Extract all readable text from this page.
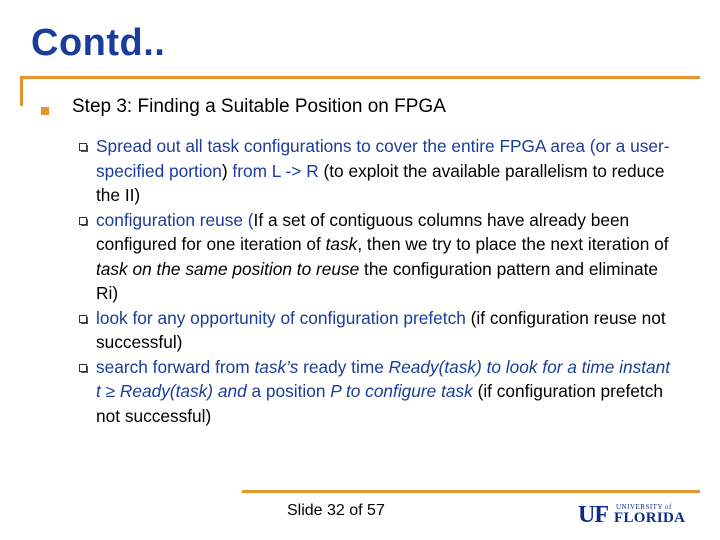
Contd..
Step 3: Finding a Suitable Position on FPGA
Spread out all task configurations to cover the entire FPGA area (or a user-specified portion) from L -> R (to exploit the available parallelism to reduce the II)
configuration reuse (If a set of contiguous columns have already been configured for one iteration of task, then we try to place the next iteration of task on the same position to reuse the configuration pattern and eliminate Ri)
look for any opportunity of configuration prefetch (if configuration reuse not successful)
search forward from task’s ready time Ready(task) to look for a time instant t ≥ Ready(task) and a position P to configure task (if configuration prefetch not successful)
Slide 32 of 57	UF UNIVERSITY of
FLORIDA
